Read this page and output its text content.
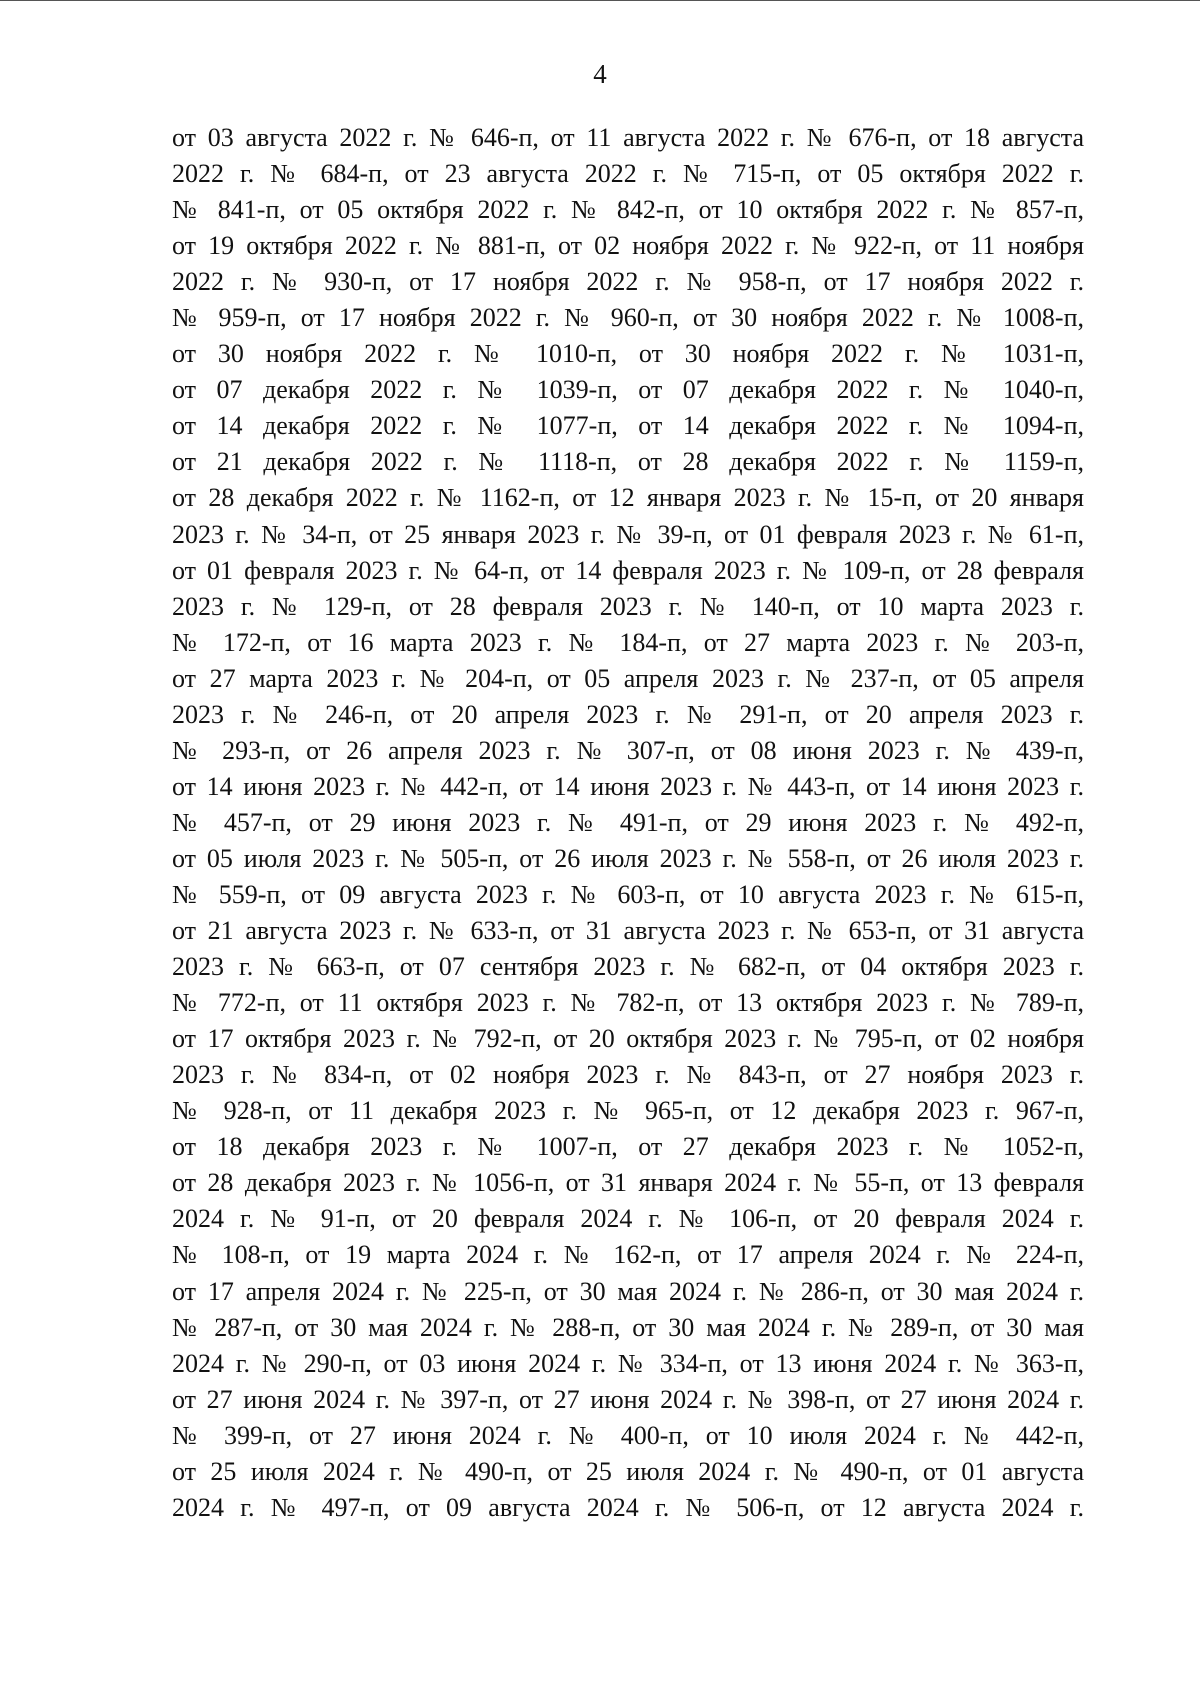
4
от 03 августа 2022 г. № 646-п, от 11 августа 2022 г. № 676-п, от 18 августа
2022 г. № 684-п, от 23 августа 2022 г. № 715-п, от 05 октября 2022 г.
№ 841-п, от 05 октября 2022 г. № 842-п, от 10 октября 2022 г. № 857-п,
от 19 октября 2022 г. № 881-п, от 02 ноября 2022 г. № 922-п, от 11 ноября
2022 г. № 930-п, от 17 ноября 2022 г. № 958-п, от 17 ноября 2022 г.
№ 959-п, от 17 ноября 2022 г. № 960-п, от 30 ноября 2022 г. № 1008-п,
от 30 ноября 2022 г. № 1010-п, от 30 ноября 2022 г. № 1031-п,
от 07 декабря 2022 г. № 1039-п, от 07 декабря 2022 г. № 1040-п,
от 14 декабря 2022 г. № 1077-п, от 14 декабря 2022 г. № 1094-п,
от 21 декабря 2022 г. № 1118-п, от 28 декабря 2022 г. № 1159-п,
от 28 декабря 2022 г. № 1162-п, от 12 января 2023 г. № 15-п, от 20 января
2023 г. № 34-п, от 25 января 2023 г. № 39-п, от 01 февраля 2023 г. № 61-п,
от 01 февраля 2023 г. № 64-п, от 14 февраля 2023 г. № 109-п, от 28 февраля
2023 г. № 129-п, от 28 февраля 2023 г. № 140-п, от 10 марта 2023 г.
№ 172-п, от 16 марта 2023 г. № 184-п, от 27 марта 2023 г. № 203-п,
от 27 марта 2023 г. № 204-п, от 05 апреля 2023 г. № 237-п, от 05 апреля
2023 г. № 246-п, от 20 апреля 2023 г. № 291-п, от 20 апреля 2023 г.
№ 293-п, от 26 апреля 2023 г. № 307-п, от 08 июня 2023 г. № 439-п,
от 14 июня 2023 г. № 442-п, от 14 июня 2023 г. № 443-п, от 14 июня 2023 г.
№ 457-п, от 29 июня 2023 г. № 491-п, от 29 июня 2023 г. № 492-п,
от 05 июля 2023 г. № 505-п, от 26 июля 2023 г. № 558-п, от 26 июля 2023 г.
№ 559-п, от 09 августа 2023 г. № 603-п, от 10 августа 2023 г. № 615-п,
от 21 августа 2023 г. № 633-п, от 31 августа 2023 г. № 653-п, от 31 августа
2023 г. № 663-п, от 07 сентября 2023 г. № 682-п, от 04 октября 2023 г.
№ 772-п, от 11 октября 2023 г. № 782-п, от 13 октября 2023 г. № 789-п,
от 17 октября 2023 г. № 792-п, от 20 октября 2023 г. № 795-п, от 02 ноября
2023 г. № 834-п, от 02 ноября 2023 г. № 843-п, от 27 ноября 2023 г.
№ 928-п, от 11 декабря 2023 г. № 965-п, от 12 декабря 2023 г. 967-п,
от 18 декабря 2023 г. № 1007-п, от 27 декабря 2023 г. № 1052-п,
от 28 декабря 2023 г. № 1056-п, от 31 января 2024 г. № 55-п, от 13 февраля
2024 г. № 91-п, от 20 февраля 2024 г. № 106-п, от 20 февраля 2024 г.
№ 108-п, от 19 марта 2024 г. № 162-п, от 17 апреля 2024 г. № 224-п,
от 17 апреля 2024 г. № 225-п, от 30 мая 2024 г. № 286-п, от 30 мая 2024 г.
№ 287-п, от 30 мая 2024 г. № 288-п, от 30 мая 2024 г. № 289-п, от 30 мая
2024 г. № 290-п, от 03 июня 2024 г. № 334-п, от 13 июня 2024 г. № 363-п,
от 27 июня 2024 г. № 397-п, от 27 июня 2024 г. № 398-п, от 27 июня 2024 г.
№ 399-п, от 27 июня 2024 г. № 400-п, от 10 июля 2024 г. № 442-п,
от 25 июля 2024 г. № 490-п, от 25 июля 2024 г. № 490-п, от 01 августа
2024 г. № 497-п, от 09 августа 2024 г. № 506-п, от 12 августа 2024 г.
